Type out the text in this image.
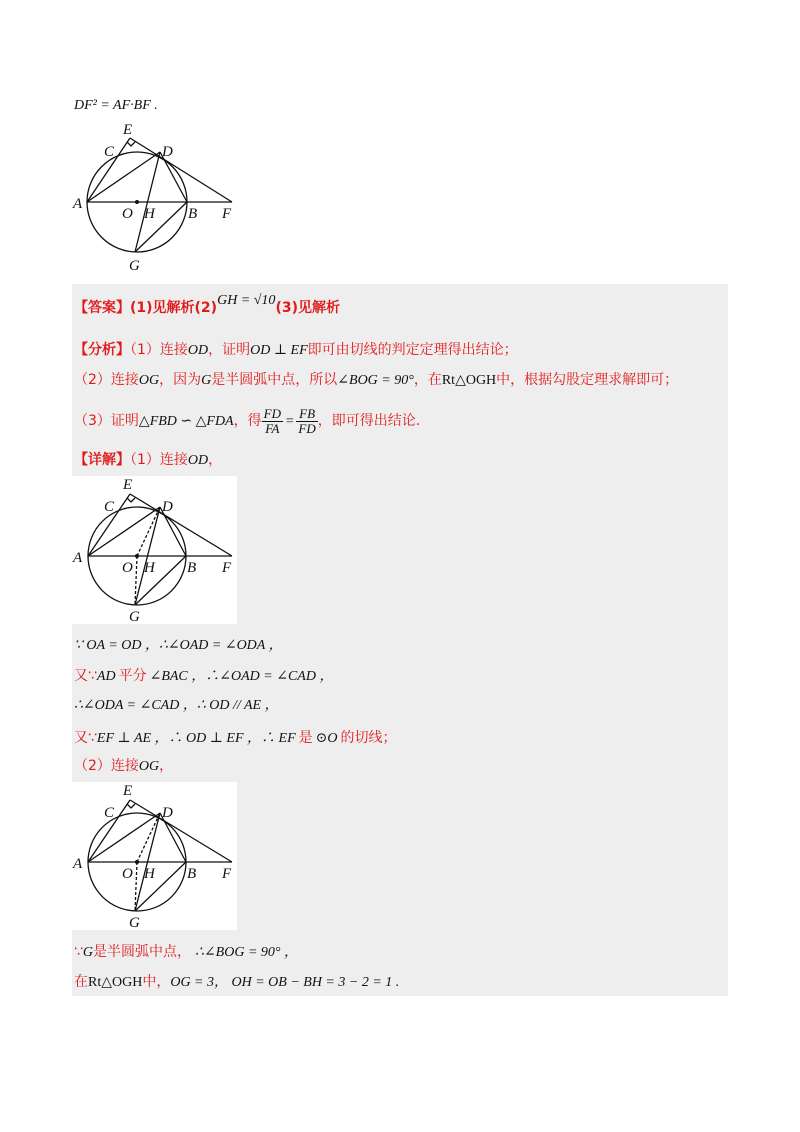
DF² = AF·BF .
E
C	D
A
O H B F
G
【答案】(1)见解析(2)GH = √10(3)见解析
【分析】（1）连接OD，证明OD ⊥ EF即可由切线的判定定理得出结论；
（2）连接OG，因为G是半圆弧中点，所以∠BOG = 90°，在Rt△OGH中，根据勾股定理求解即可；
（3）证明△FBD ∽ △FDA，得 $\frac{FD}{FA} = \frac{FB}{FD}$ ，即可得出结论.
【详解】（1）连接OD，
E
C	D
A
O H B F
G
∵ OA = OD ，∴∠OAD = ∠ODA ，
又∵AD 平分 ∠BAC ，∴∠OAD = ∠CAD ，
∴∠ODA = ∠CAD ，∴ OD // AE ，
又∵EF ⊥ AE ，∴ OD ⊥ EF ，∴ EF 是 ⊙O 的切线；
（2）连接OG，
E
C	D
A
O H B F
G
∵G是半圆弧中点， ∴∠BOG = 90° ，
在Rt△OGH中，OG = 3， OH = OB − BH = 3 − 2 = 1 .
